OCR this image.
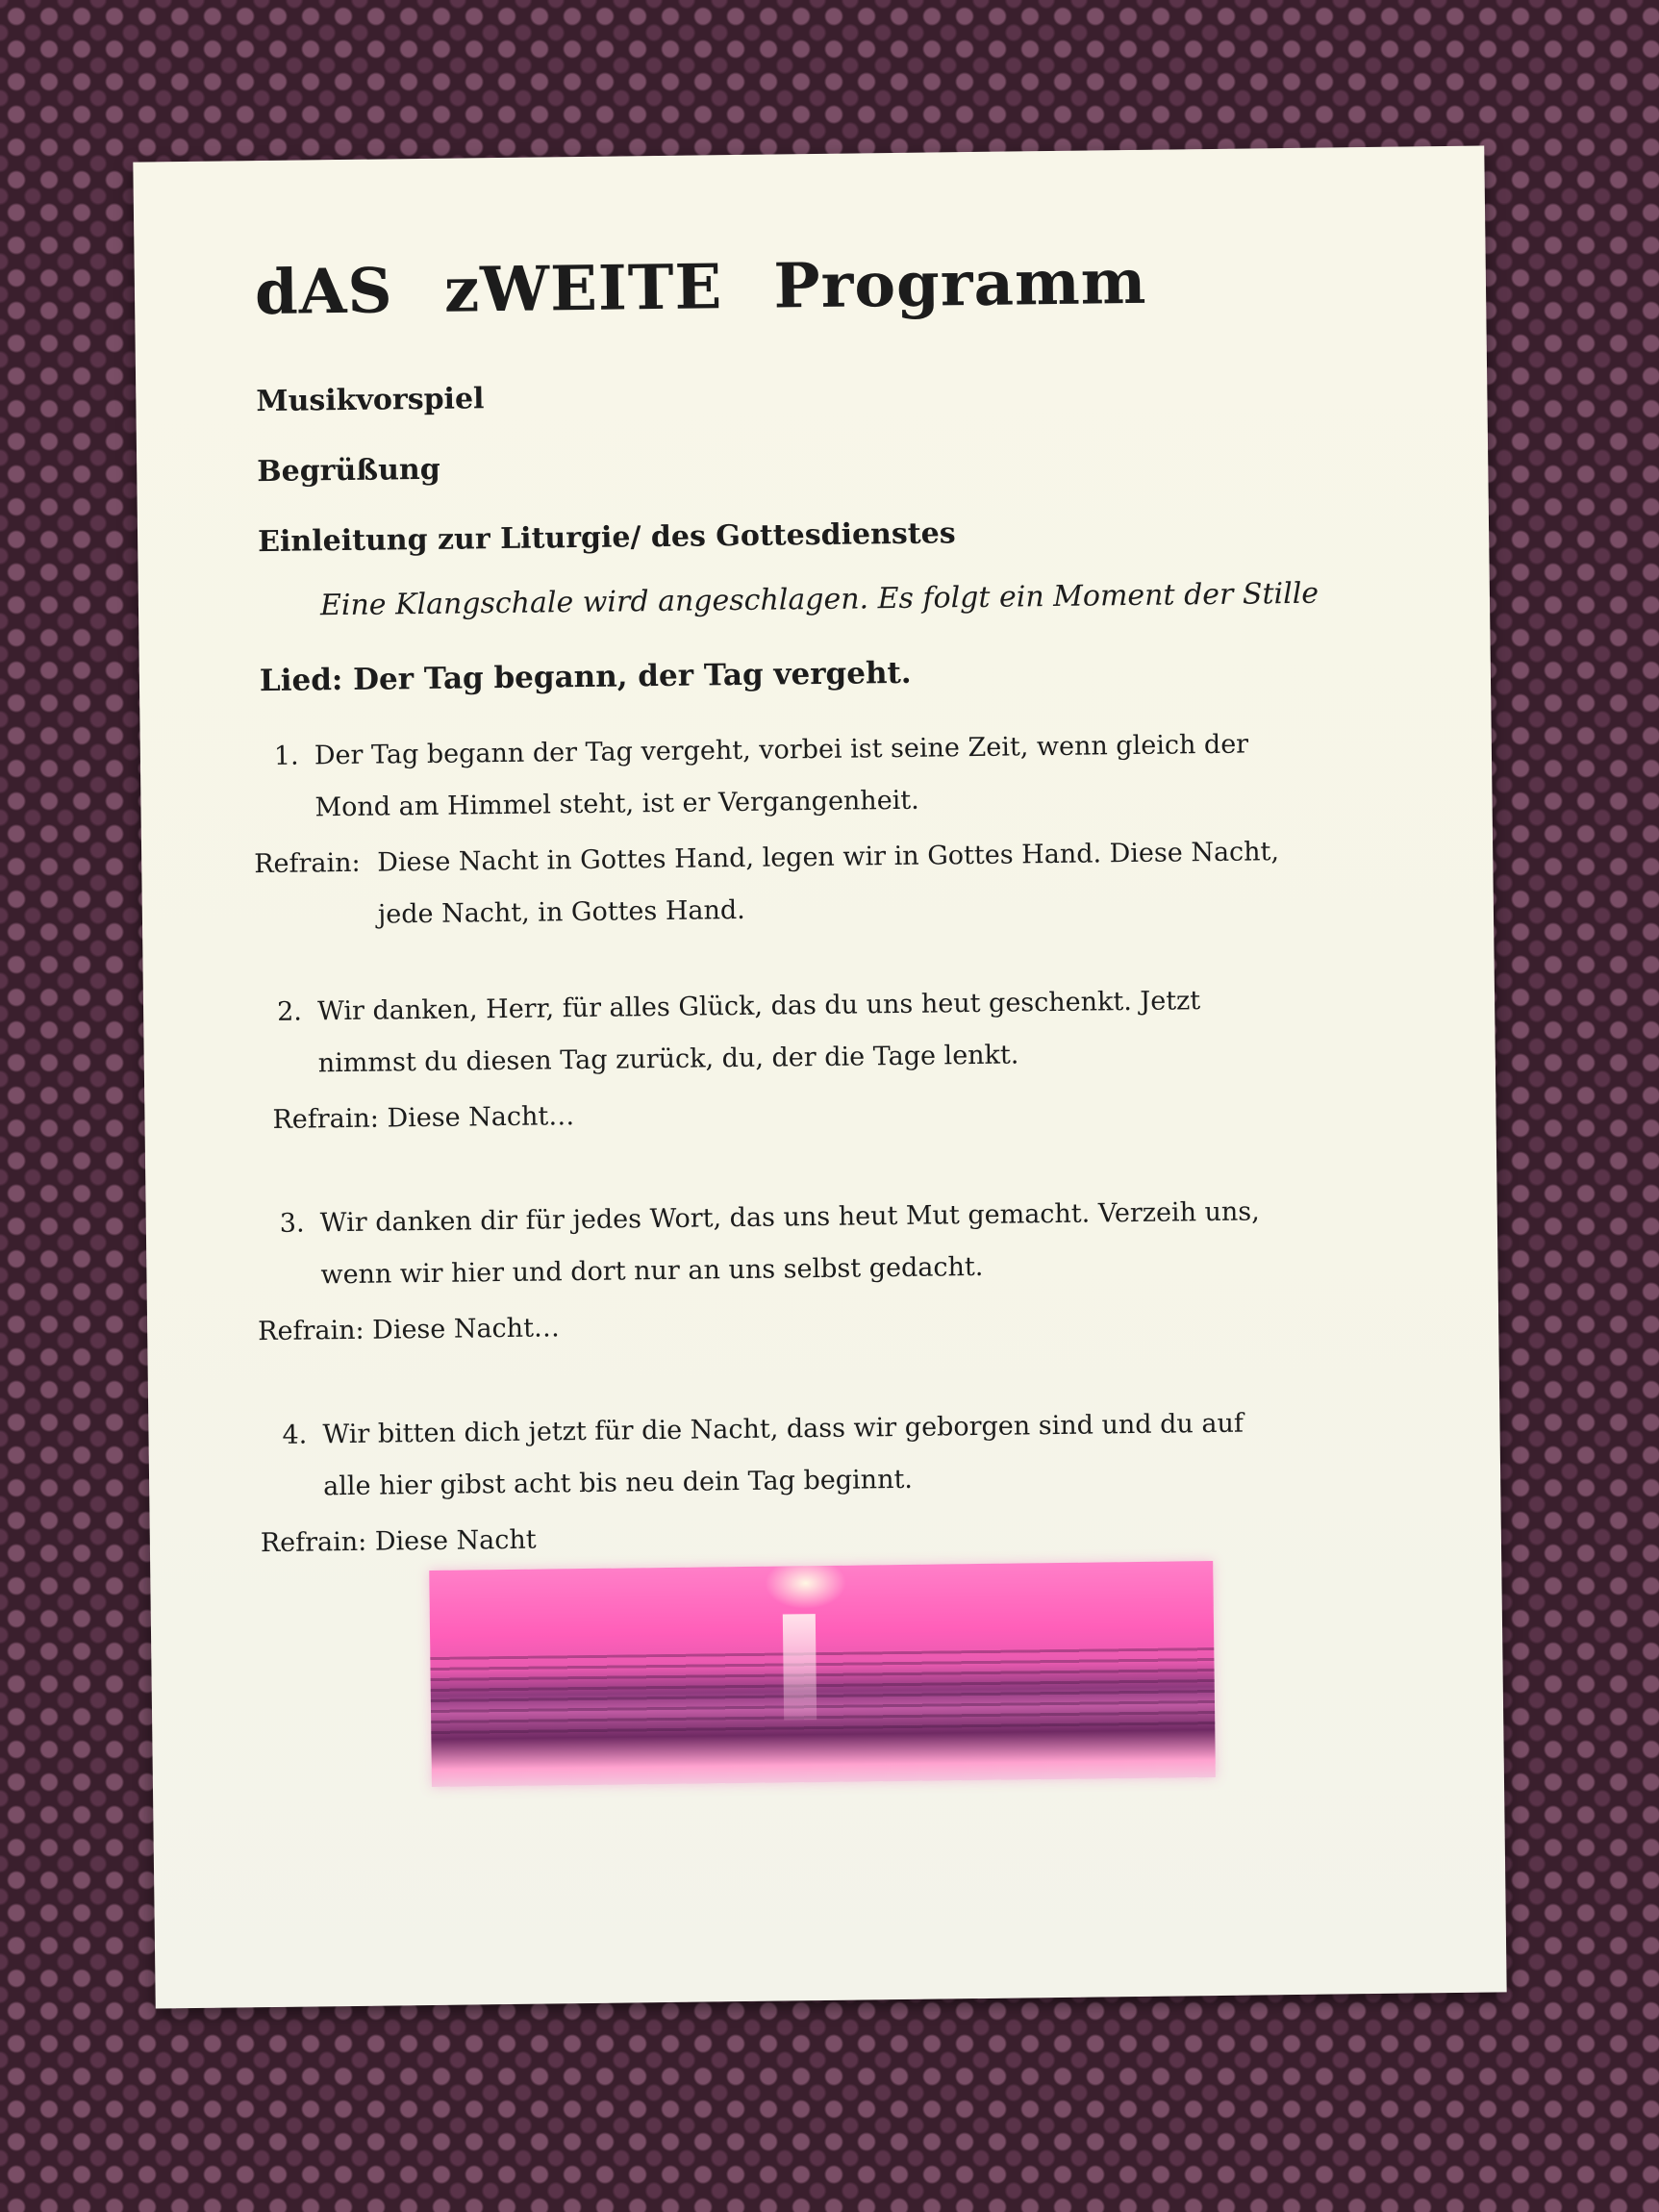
dAS zWEITE Programm
Musikvorspiel
Begrüßung
Einleitung zur Liturgie/ des Gottesdienstes
Eine Klangschale wird angeschlagen. Es folgt ein Moment der Stille
Lied: Der Tag begann, der Tag vergeht.
1. Der Tag begann der Tag vergeht, vorbei ist seine Zeit, wenn gleich der
Mond am Himmel steht, ist er Vergangenheit.
Refrain: Diese Nacht in Gottes Hand, legen wir in Gottes Hand. Diese Nacht,
jede Nacht, in Gottes Hand.
2. Wir danken, Herr, für alles Glück, das du uns heut geschenkt. Jetzt
nimmst du diesen Tag zurück, du, der die Tage lenkt.
Refrain: Diese Nacht…
3. Wir danken dir für jedes Wort, das uns heut Mut gemacht. Verzeih uns,
wenn wir hier und dort nur an uns selbst gedacht.
Refrain: Diese Nacht…
4. Wir bitten dich jetzt für die Nacht, dass wir geborgen sind und du auf
alle hier gibst acht bis neu dein Tag beginnt.
Refrain: Diese Nacht
